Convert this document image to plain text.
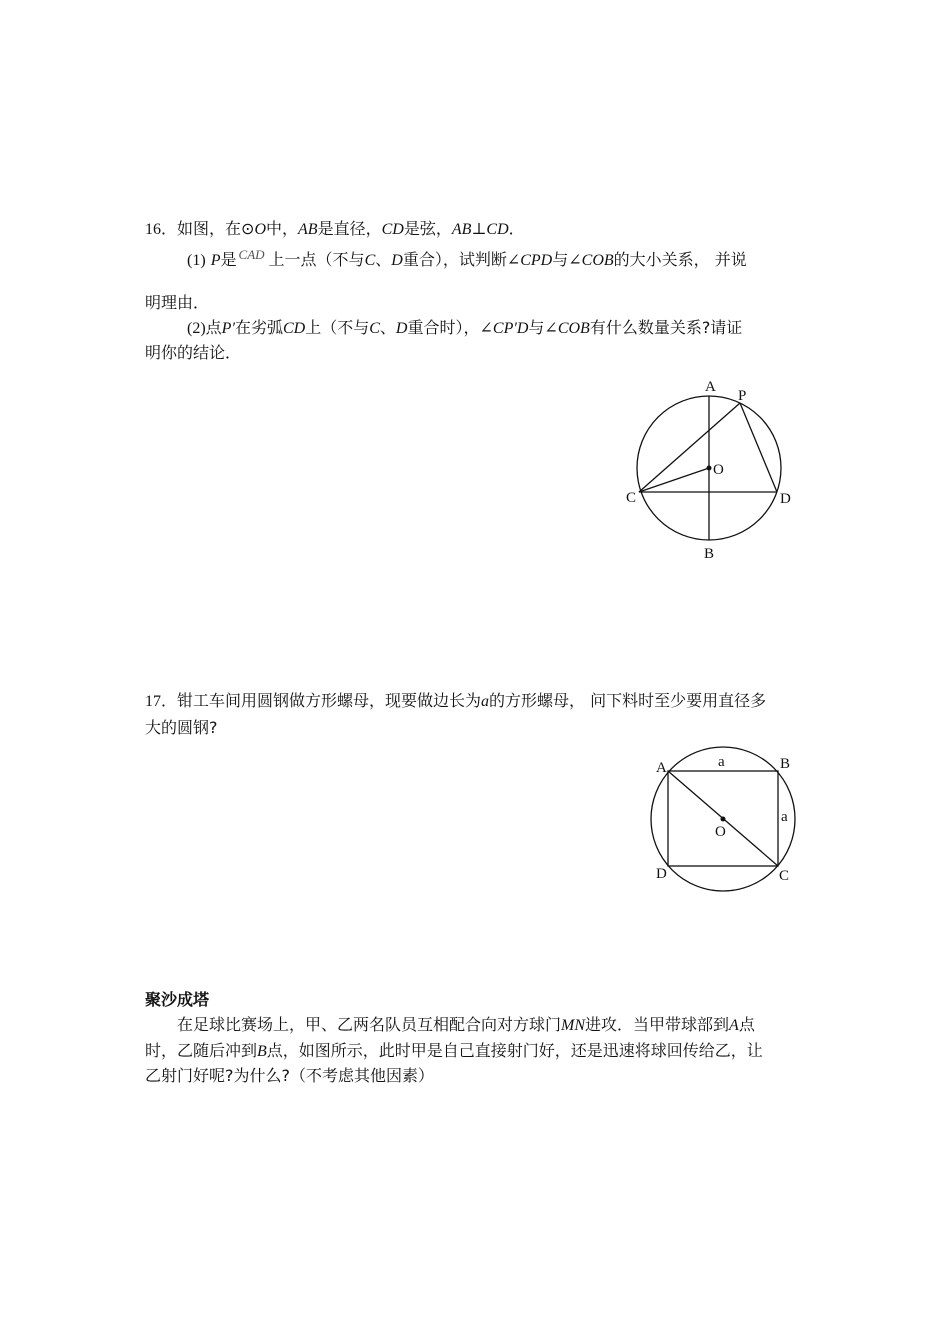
16．如图，在⊙O中，AB是直径，CD是弦，AB⊥CD．
(1) P是 $^{CAD}$ 上一点（不与C、D重合），试判断∠CPD与∠COB的大小关系， 并说
明理由．
(2)点P′在劣弧CD上（不与C、D重合时），∠CP′D与∠COB有什么数量关系?请证
明你的结论．
A
P
O
C	D
B
17．钳工车间用圆钢做方形螺母，现要做边长为a的方形螺母， 问下料时至少要用直径多
大的圆钢?
A	B
C
D
O
a
a
聚沙成塔
在足球比赛场上，甲、乙两名队员互相配合向对方球门MN进攻．当甲带球部到A点
时，乙随后冲到B点，如图所示，此时甲是自己直接射门好，还是迅速将球回传给乙，让
乙射门好呢?为什么?（不考虑其他因素）
